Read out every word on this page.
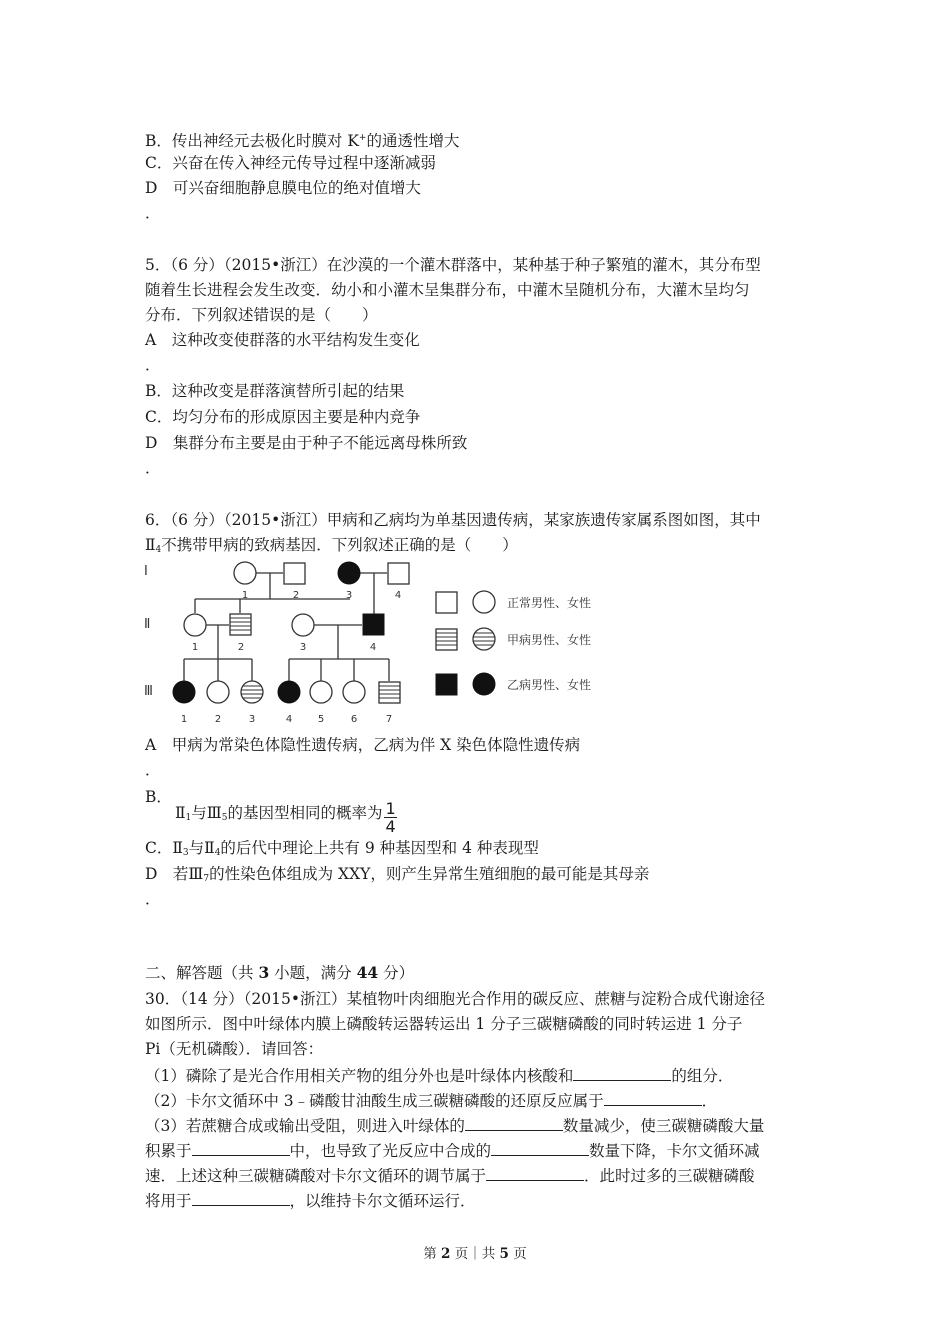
B．传出神经元去极化时膜对 K+的通透性增大
C．兴奋在传入神经元传导过程中逐渐减弱
D　可兴奋细胞静息膜电位的绝对值增大
．
5．（6 分）（2015•浙江）在沙漠的一个灌木群落中，某种基于种子繁殖的灌木，其分布型
随着生长进程会发生改变．幼小和小灌木呈集群分布，中灌木呈随机分布，大灌木呈均匀
分布．下列叙述错误的是（　　）
A　这种改变使群落的水平结构发生变化
．
B．这种改变是群落演替所引起的结果
C．均匀分布的形成原因主要是种内竞争
D　集群分布主要是由于种子不能远离母株所致
．
6．（6 分）（2015•浙江）甲病和乙病均为单基因遗传病，某家族遗传家属系图如图，其中
$Ⅱ_4$不携带甲病的致病基因．下列叙述正确的是（　　）
Ⅰ
Ⅱ
Ⅲ
1	2	3	4
1	2	3	4
1	2	3	4	5	6	7
正常男性、女性
甲病男性、女性
乙病男性、女性
A　甲病为常染色体隐性遗传病，乙病为伴 X 染色体隐性遗传病
．
B．
$Ⅱ_1$与$Ⅲ_5$的基因型相同的概率为 $\frac{1}{4}$
C．$Ⅱ_3$与$Ⅱ_4$的后代中理论上共有 9 种基因型和 4 种表现型
D　若$Ⅲ_7$的性染色体组成为 XXY，则产生异常生殖细胞的最可能是其母亲
．
二、解答题（共 3 小题，满分 44 分）
30．（14 分）（2015•浙江）某植物叶肉细胞光合作用的碳反应、蔗糖与淀粉合成代谢途径
如图所示．图中叶绿体内膜上磷酸转运器转运出 1 分子三碳糖磷酸的同时转运进 1 分子
Pi（无机磷酸）．请回答：
（1）磷除了是光合作用相关产物的组分外也是叶绿体内核酸和	的组分．
（2）卡尔文循环中 3﹣磷酸甘油酸生成三碳糖磷酸的还原反应属于	．
（3）若蔗糖合成或输出受阻，则进入叶绿体的	数量减少，使三碳糖磷酸大量
积累于	中，也导致了光反应中合成的	数量下降，卡尔文循环减
速．上述这种三碳糖磷酸对卡尔文循环的调节属于	．此时过多的三碳糖磷酸
将用于	，以维持卡尔文循环运行．
第 2 页｜共 5 页
